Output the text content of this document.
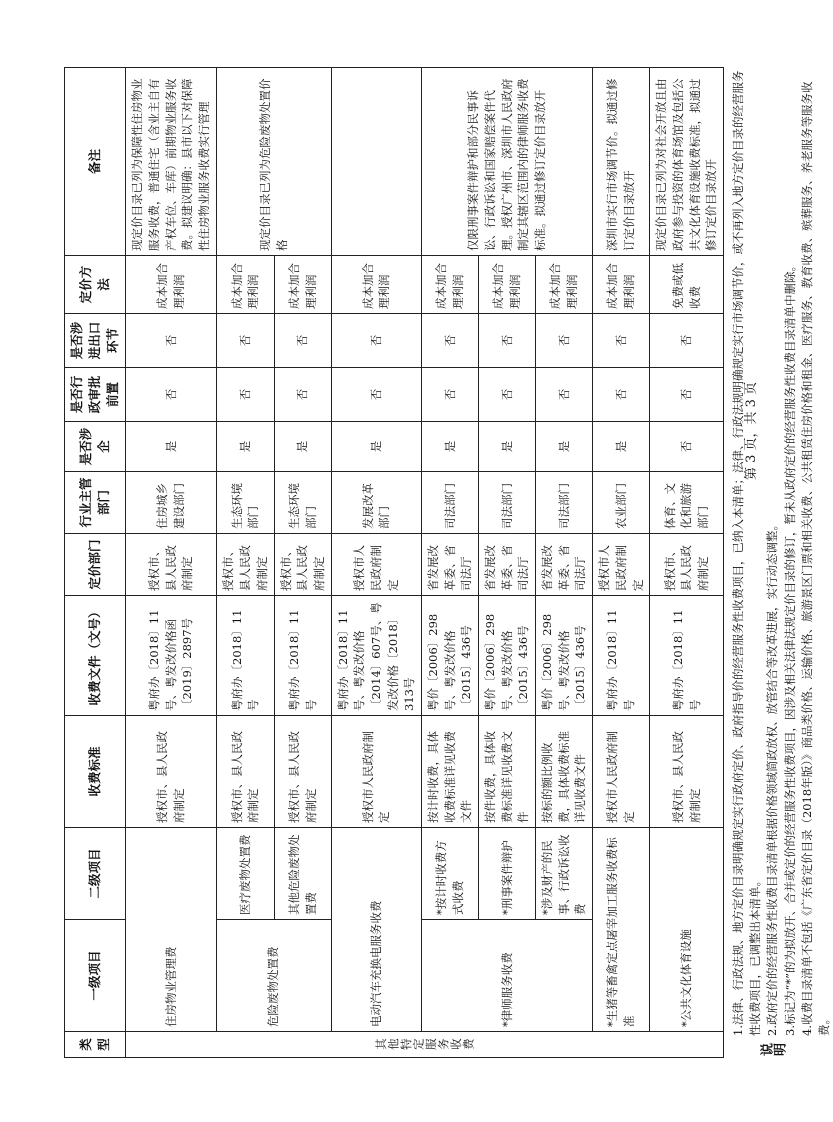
类型	一级项目	二级项目	收费标准	收费文件（文号）	定价部门	行业主管部门	是否涉企	是否行政审批前置	是否涉进出口环节	定价方法	备注
其他特定服务收费	住房物业管理费		授权市、县人民政府制定	粤府办〔2018〕11号、粤发改价格函〔2019〕2897号	授权市、县人民政府制定	住房城乡建设部门	是	否	否	成本加合理利润	现定价目录已列为保障性住房物业服务收费，普通住宅（含业主自有产权车位、车库）前期物业服务收费。拟建议明确：县市以下对保障性住房物业服务收费实行管理
	危险废物处置费	医疗废物处置费	授权市、县人民政府制定	粤府办〔2018〕11号	授权市、县人民政府制定	生态环境部门	是	否	否	成本加合理利润	现定价目录已列为危险废物处置价格
		其他危险废物处置费	授权市、县人民政府制定	粤府办〔2018〕11号	授权市、县人民政府制定	生态环境部门	是	否	否	成本加合理利润	
	电动汽车充换电服务收费		授权市人民政府制定	粤府办〔2018〕11号、粤发改价格〔2014〕607号、粤发改价格〔2018〕313号	授权市人民政府制定	发展改革部门	是	否	否	成本加合理利润	
	*律师服务收费	*按计时收费方式收费	按计时收费，具体收费标准详见收费文件	粤价〔2006〕298号、粤发改价格〔2015〕436号	省发展改革委、省司法厅	司法部门	是	否	否	成本加合理利润	仅限刑事案件辩护和部分民事诉讼、行政诉讼和国家赔偿案件代理。授权广州市、深圳市人民政府制定其辖区范围内的律师服务收费标准。拟通过修订定价目录放开
		*刑事案件辩护	按件收费，具体收费标准详见收费文件	粤价〔2006〕298号、粤发改价格〔2015〕436号	省发展改革委、省司法厅	司法部门	是	否	否	成本加合理利润	
		*涉及财产的民事、行政诉讼收费	按标的额比例收费，具体收费标准详见收费文件	粤价〔2006〕298号、粤发改价格〔2015〕436号	省发展改革委、省司法厅	司法部门	是	否	否	成本加合理利润	
	*生猪等畜禽定点屠宰加工服务收费标准		授权市人民政府制定	粤府办〔2018〕11号	授权市人民政府制定	农业部门	是	否	否	成本加合理利润	深圳市实行市场调节价。拟通过修订定价目录放开
	*公共文化体育设施		授权市、县人民政府制定	粤府办〔2018〕11号	授权市、县人民政府制定	体育、文化和旅游部门	否	否	否	免费或低收费	现定价目录已列为对社会开放且由政府参与投资的体育场馆及包括公共文化体育设施收费标准，拟通过修订定价目录放开
说明
1.法律、行政法规、地方定价目录明确规定实行政府定价、政府指导价的经营服务性收费项目，已纳入本清单；法律、行政法规明确规定实行市场调节价，或不再列入地方定价目录的经营服务性收费项目，已调整出本清单。 2.政府定价的经营服务性收费目录清单根据价格领域简政放权、放管结合等改革进展，实行动态调整。 3.标记为“*”的为拟放开、合并或定价的经营服务性收费项目，因涉及相关法律法规定价目录的修订，暂未从政府定价的经营服务性收费目录清单中删除。 4.收费目录清单不包括《广东省定价目录（2018年版）》商品类价格、运输价格、旅游景区门票和相关收费、公共租赁住房价格和租金、医疗服务、教育收费、殡葬服务、养老服务等服务收费。
第 3 页，共 3 页
